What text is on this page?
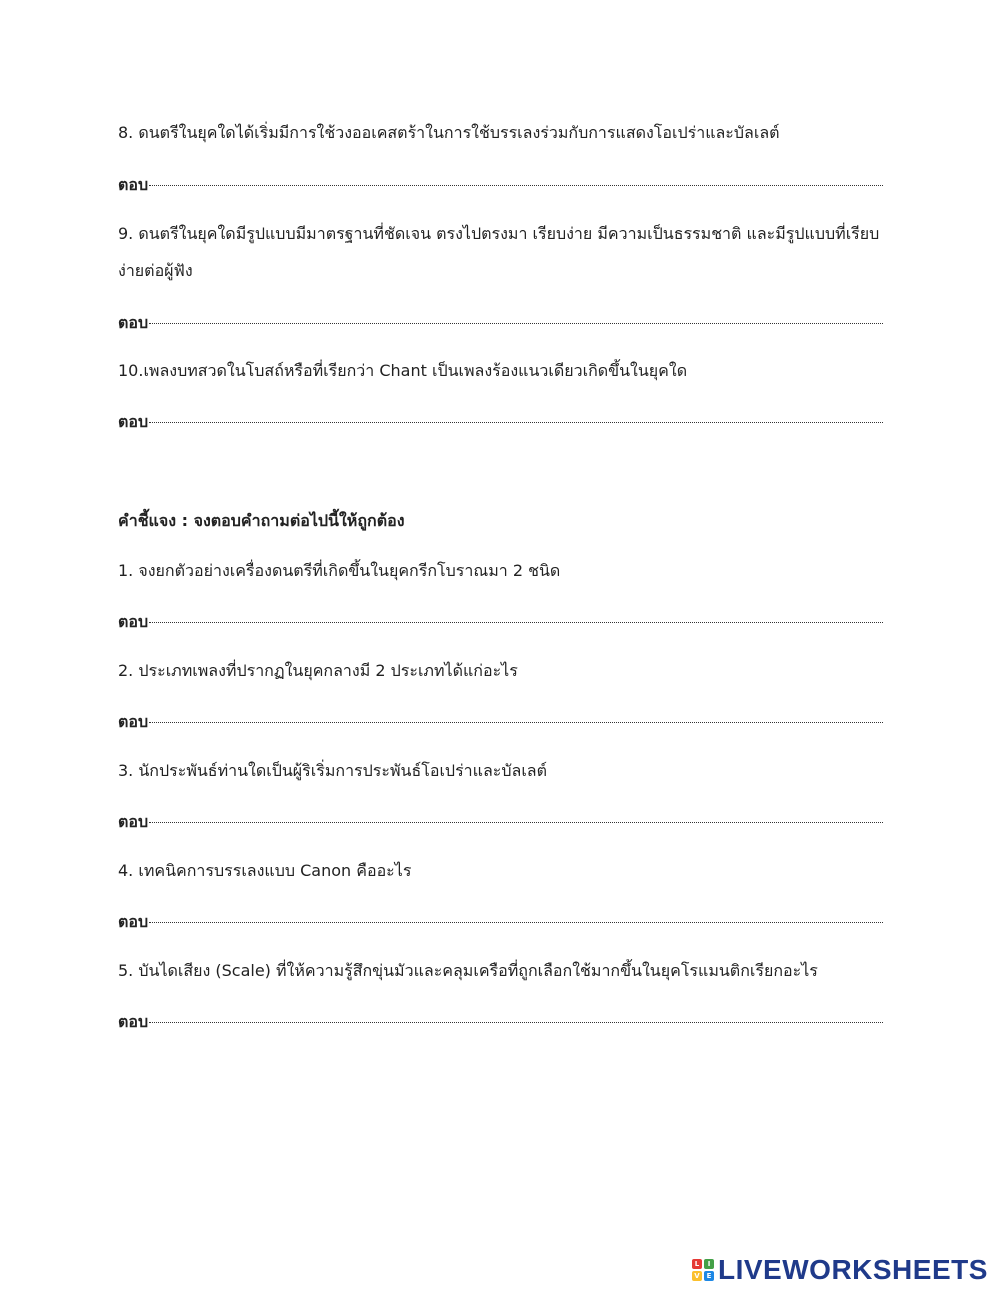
8. ดนตรีในยุคใดได้เริ่มมีการใช้วงออเคสตร้าในการใช้บรรเลงร่วมกับการแสดงโอเปร่าและบัลเลต์
ตอบ
9. ดนตรีในยุคใดมีรูปแบบมีมาตรฐานที่ชัดเจน ตรงไปตรงมา เรียบง่าย มีความเป็นธรรมชาติ และมีรูปแบบที่เรียบง่ายต่อผู้ฟัง
ตอบ
10.เพลงบทสวดในโบสถ์หรือที่เรียกว่า Chant เป็นเพลงร้องแนวเดียวเกิดขึ้นในยุคใด
ตอบ
คำชี้แจง : จงตอบคำถามต่อไปนี้ให้ถูกต้อง
1. จงยกตัวอย่างเครื่องดนตรีที่เกิดขึ้นในยุคกรีกโบราณมา 2 ชนิด
ตอบ
2. ประเภทเพลงที่ปรากฏในยุคกลางมี 2 ประเภทได้แก่อะไร
ตอบ
3. นักประพันธ์ท่านใดเป็นผู้ริเริ่มการประพันธ์โอเปร่าและบัลเลต์
ตอบ
4. เทคนิคการบรรเลงแบบ Canon คืออะไร
ตอบ
5. บันไดเสียง (Scale) ที่ให้ความรู้สึกขุ่นมัวและคลุมเครือที่ถูกเลือกใช้มากขึ้นในยุคโรแมนติกเรียกอะไร
ตอบ
L	I
V E LIVEWORKSHEETS
